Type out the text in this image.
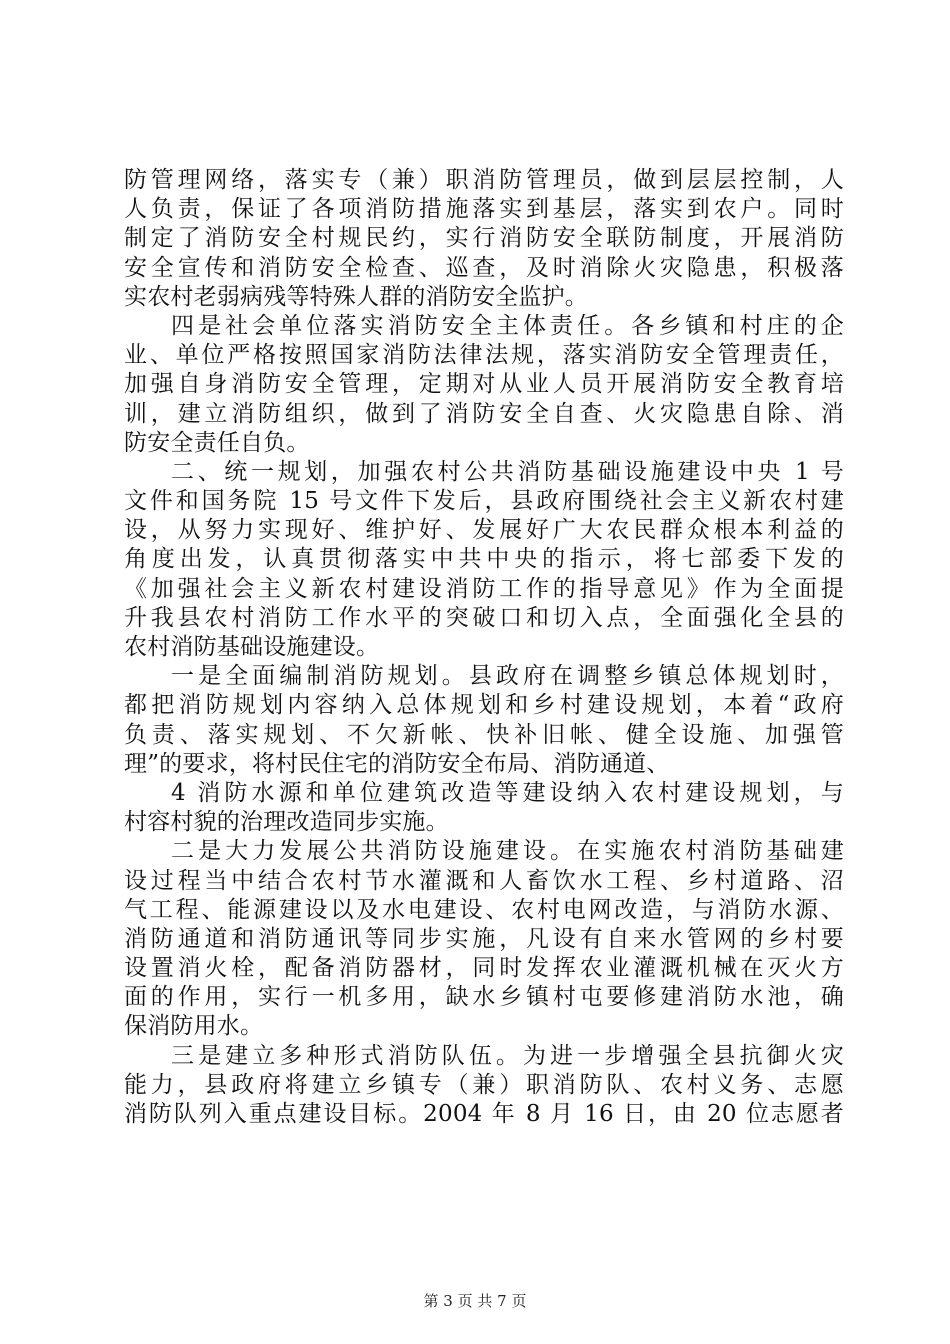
防管理网络，落实专（兼）职消防管理员，做到层层控制，人
人负责，保证了各项消防措施落实到基层，落实到农户。同时
制定了消防安全村规民约，实行消防安全联防制度，开展消防
安全宣传和消防安全检查、巡查，及时消除火灾隐患，积极落
实农村老弱病残等特殊人群的消防安全监护。
四是社会单位落实消防安全主体责任。各乡镇和村庄的企
业、单位严格按照国家消防法律法规，落实消防安全管理责任，
加强自身消防安全管理，定期对从业人员开展消防安全教育培
训，建立消防组织，做到了消防安全自查、火灾隐患自除、消
防安全责任自负。
二、统一规划，加强农村公共消防基础设施建设中央 1 号
文件和国务院 15 号文件下发后，县政府围绕社会主义新农村建
设，从努力实现好、维护好、发展好广大农民群众根本利益的
角度出发，认真贯彻落实中共中央的指示，将七部委下发的
《加强社会主义新农村建设消防工作的指导意见》作为全面提
升我县农村消防工作水平的突破口和切入点，全面强化全县的
农村消防基础设施建设。
一是全面编制消防规划。县政府在调整乡镇总体规划时，
都把消防规划内容纳入总体规划和乡村建设规划，本着“政府
负责、落实规划、不欠新帐、快补旧帐、健全设施、加强管
理”的要求，将村民住宅的消防安全布局、消防通道、
4 消防水源和单位建筑改造等建设纳入农村建设规划，与
村容村貌的治理改造同步实施。
二是大力发展公共消防设施建设。在实施农村消防基础建
设过程当中结合农村节水灌溉和人畜饮水工程、乡村道路、沼
气工程、能源建设以及水电建设、农村电网改造，与消防水源、
消防通道和消防通讯等同步实施，凡设有自来水管网的乡村要
设置消火栓，配备消防器材，同时发挥农业灌溉机械在灭火方
面的作用，实行一机多用，缺水乡镇村屯要修建消防水池，确
保消防用水。
三是建立多种形式消防队伍。为进一步增强全县抗御火灾
能力，县政府将建立乡镇专（兼）职消防队、农村义务、志愿
消防队列入重点建设目标。2004 年 8 月 16 日，由 20 位志愿者
第 3 页 共 7 页
